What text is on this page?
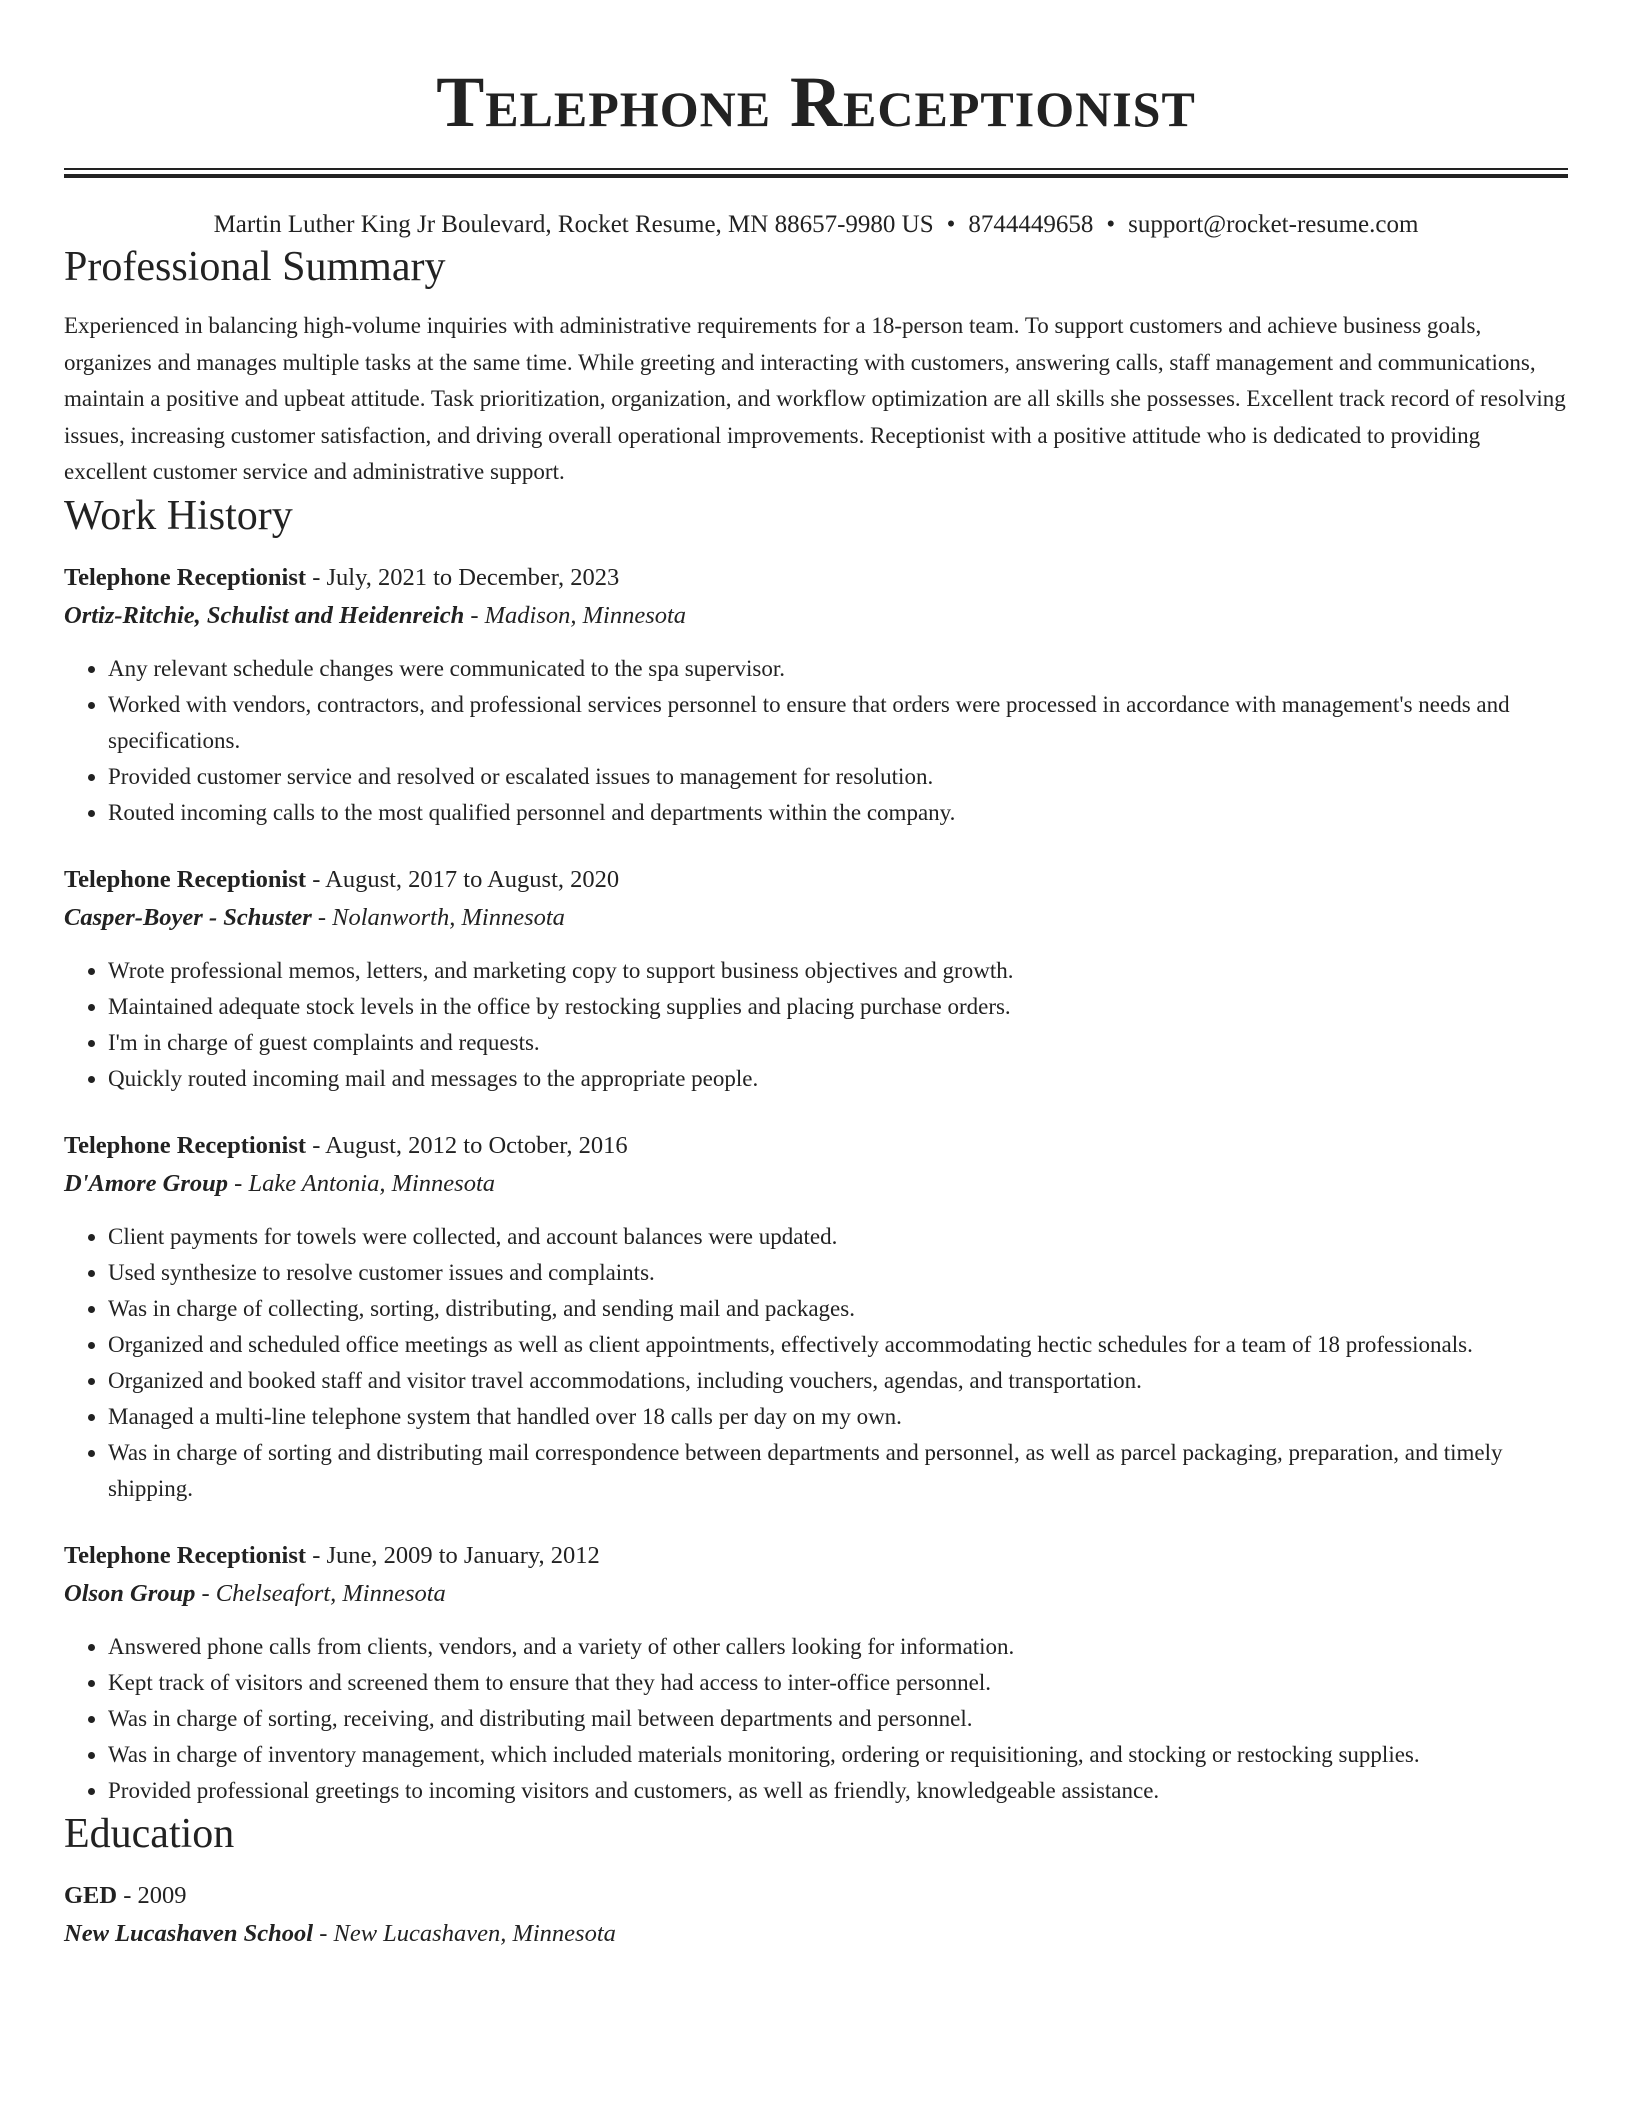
Telephone Receptionist
Martin Luther King Jr Boulevard, Rocket Resume, MN 88657-9980 US • 8744449658 • support@rocket-resume.com
Professional Summary

Experienced in balancing high-volume inquiries with administrative requirements for a 18-person team. To support customers and achieve business goals, organizes and manages multiple tasks at the same time. While greeting and interacting with customers, answering calls, staff management and communications, maintain a positive and upbeat attitude. Task prioritization, organization, and workflow optimization are all skills she possesses. Excellent track record of resolving issues, increasing customer satisfaction, and driving overall operational improvements. Receptionist with a positive attitude who is dedicated to providing excellent customer service and administrative support.

Work History
Telephone Receptionist - July, 2021 to December, 2023
Ortiz-Ritchie, Schulist and Heidenreich - Madison, Minnesota
• Any relevant schedule changes were communicated to the spa supervisor.
• Worked with vendors, contractors, and professional services personnel to ensure that orders were processed in accordance with management's needs and specifications.
• Provided customer service and resolved or escalated issues to management for resolution.
• Routed incoming calls to the most qualified personnel and departments within the company.
Telephone Receptionist - August, 2017 to August, 2020
Casper-Boyer - Schuster - Nolanworth, Minnesota
• Wrote professional memos, letters, and marketing copy to support business objectives and growth.
• Maintained adequate stock levels in the office by restocking supplies and placing purchase orders.
• I'm in charge of guest complaints and requests.
• Quickly routed incoming mail and messages to the appropriate people.
Telephone Receptionist - August, 2012 to October, 2016
D'Amore Group - Lake Antonia, Minnesota
• Client payments for towels were collected, and account balances were updated.
• Used synthesize to resolve customer issues and complaints.
• Was in charge of collecting, sorting, distributing, and sending mail and packages.
• Organized and scheduled office meetings as well as client appointments, effectively accommodating hectic schedules for a team of 18 professionals.
• Organized and booked staff and visitor travel accommodations, including vouchers, agendas, and transportation.
• Managed a multi-line telephone system that handled over 18 calls per day on my own.
• Was in charge of sorting and distributing mail correspondence between departments and personnel, as well as parcel packaging, preparation, and timely shipping.
Telephone Receptionist - June, 2009 to January, 2012
Olson Group - Chelseafort, Minnesota
• Answered phone calls from clients, vendors, and a variety of other callers looking for information.
• Kept track of visitors and screened them to ensure that they had access to inter-office personnel.
• Was in charge of sorting, receiving, and distributing mail between departments and personnel.
• Was in charge of inventory management, which included materials monitoring, ordering or requisitioning, and stocking or restocking supplies.
• Provided professional greetings to incoming visitors and customers, as well as friendly, knowledgeable assistance.
Education
GED - 2009
New Lucashaven School - New Lucashaven, Minnesota
